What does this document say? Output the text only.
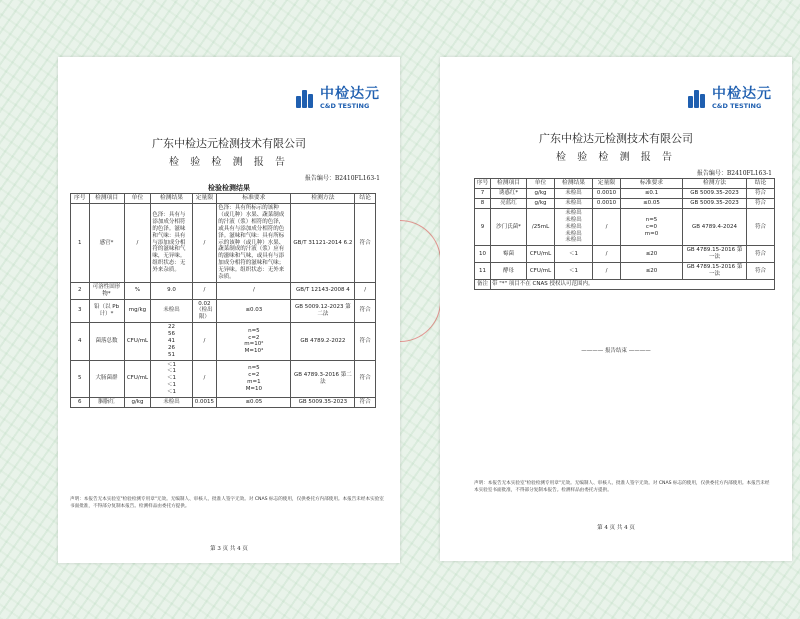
中检达元
C&D TESTING
广东中检达元检测技术有限公司
检 验 检 测 报 告
报告编号：B2410FL163-1
检验检测结果
序号	检测项目	单位	检测结果	定量限	标准要求	检测方法	结论
1	感官*	/	色泽：具有与添加成分相符的色泽。滋味和气味：具有与添加成分相符的滋味和气味，无异味。组织状态：无外来杂质。	/	色泽：具有所标示的该种（或几种）水果、蔬菜制成的汁液（浆）相符的色泽，或具有与添加成分相符的色泽。滋味和气味：具有所标示的该种（或几种）水果、蔬菜制成的汁液（浆）应有的滋味和气味，或具有与添加成分相符的滋味和气味；无异味。组织状态：无外来杂质。	GB/T 31121-2014 6.2	符合
2	可溶性固形物*	%	9.0	/	/	GB/T 12143-2008 4	/
3	铅（以 Pb 计）*	mg/kg	未检出	0.02（检出限）	≤0.03	GB 5009.12-2023 第二法	符合
4	菌落总数	CFU/mL	22
56
41
26
51	/	n=5
c=2
m=10²
M=10⁴	GB 4789.2-2022	符合
5	大肠菌群	CFU/mL	＜1
＜1
＜1
＜1
＜1	/	n=5
c=2
m=1
M=10	GB 4789.3-2016 第二法	符合
6	胭脂红	g/kg	未检出	0.0015	≤0.05	GB 5009.35-2023	符合
声明：本报告无本实验室"检验检测专用章"无效。无编制人、审核人、批准人签字无效。对 CNAS 标志的使用，仅供委托方内部使用。本报告未经本实验室书面批准，不得部分复制本报告。检测样品由委托方提供。
第 3 页 共 4 页
中检达元
C&D TESTING
广东中检达元检测技术有限公司
检 验 检 测 报 告
报告编号：B2410FL163-1
序号	检测项目	单位	检测结果	定量限	标准要求	检测方法	结论
7	诱惑红*	g/kg	未检出	0.0010	≤0.1	GB 5009.35-2023	符合
8	亮蓝红	g/kg	未检出	0.0010	≤0.05	GB 5009.35-2023	符合
9	沙门氏菌*	/25mL	未检出
未检出
未检出
未检出
未检出	/	n=5
c=0
m=0	GB 4789.4-2024	符合
10	霉菌	CFU/mL	＜1	/	≤20	GB 4789.15-2016 第一法	符合
11	酵母	CFU/mL	＜1	/	≤20	GB 4789.15-2016 第一法	符合
备注	带 "*" 项目不在 CNAS 授权认可范围内。						
———— 报告结束 ————
声明：本报告无本实验室"检验检测专用章"无效。无编制人、审核人、批准人签字无效。对 CNAS 标志的使用，仅供委托方内部使用。本报告未经本实验室书面批准，不得部分复制本报告。检测样品由委托方提供。
第 4 页 共 4 页
